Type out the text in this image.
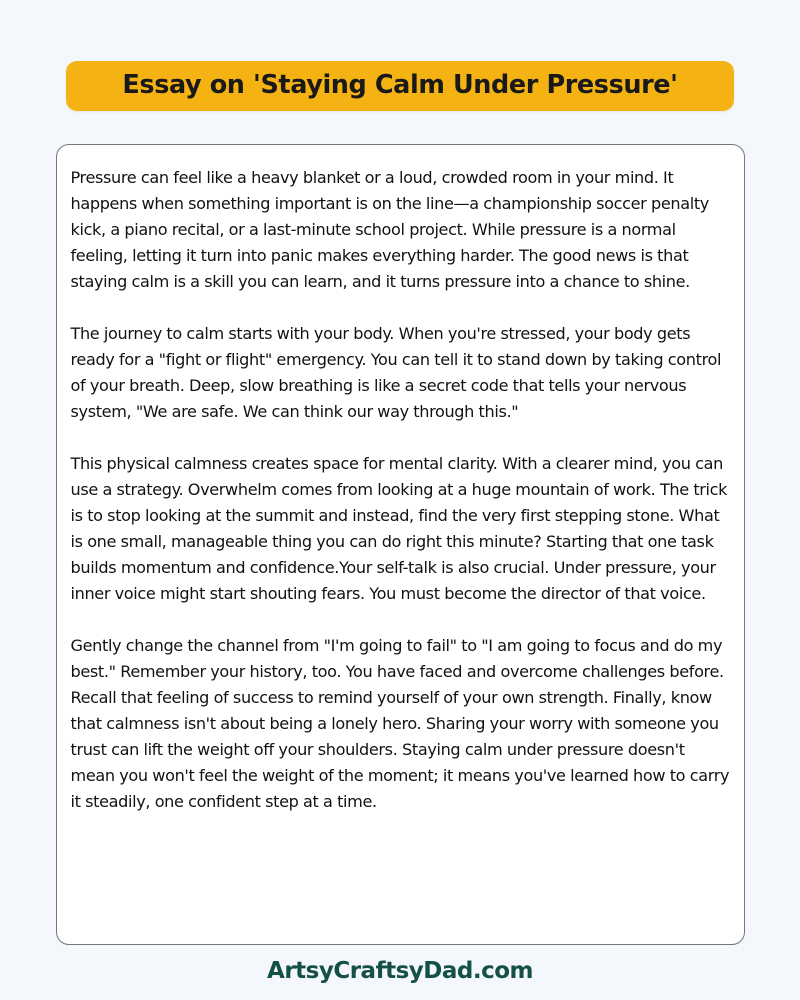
Essay on 'Staying Calm Under Pressure'

Pressure can feel like a heavy blanket or a loud, crowded room in your mind. It happens when something important is on the line—a championship soccer penalty kick, a piano recital, or a last-minute school project. While pressure is a normal feeling, letting it turn into panic makes everything harder. The good news is that staying calm is a skill you can learn, and it turns pressure into a chance to shine.

The journey to calm starts with your body. When you're stressed, your body gets ready for a "fight or flight" emergency. You can tell it to stand down by taking control of your breath. Deep, slow breathing is like a secret code that tells your nervous system, "We are safe. We can think our way through this."

This physical calmness creates space for mental clarity. With a clearer mind, you can use a strategy. Overwhelm comes from looking at a huge mountain of work. The trick is to stop looking at the summit and instead, find the very first stepping stone. What is one small, manageable thing you can do right this minute? Starting that one task builds momentum and confidence.Your self-talk is also crucial. Under pressure, your inner voice might start shouting fears. You must become the director of that voice.

Gently change the channel from "I'm going to fail" to "I am going to focus and do my best." Remember your history, too. You have faced and overcome challenges before. Recall that feeling of success to remind yourself of your own strength. Finally, know that calmness isn't about being a lonely hero. Sharing your worry with someone you trust can lift the weight off your shoulders. Staying calm under pressure doesn't mean you won't feel the weight of the moment; it means you've learned how to carry it steadily, one confident step at a time.

ArtsyCraftsyDad.com
